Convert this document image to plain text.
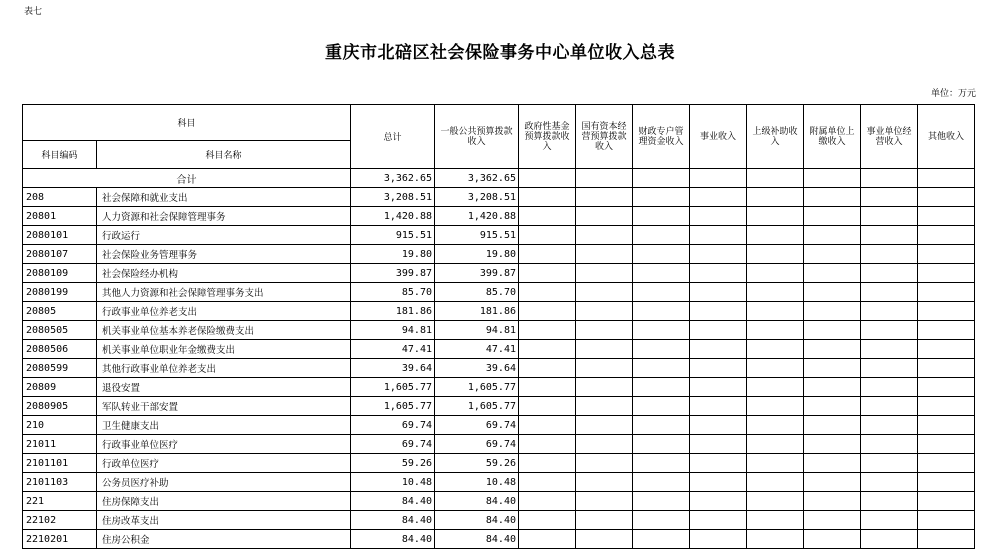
表七
重庆市北碚区社会保险事务中心单位收入总表
单位：万元
科目		总计	一般公共预算拨款收入	政府性基金预算拨款收入	国有资本经营预算拨款收入	财政专户管理资金收入	事业收入	上级补助收入	附属单位上缴收入	事业单位经营收入	其他收入
科目编码	科目名称										
合计		3,362.65	3,362.65								
208	社会保障和就业支出	3,208.51	3,208.51								
20801	人力资源和社会保障管理事务	1,420.88	1,420.88								
2080101	行政运行	915.51	915.51								
2080107	社会保险业务管理事务	19.80	19.80								
2080109	社会保险经办机构	399.87	399.87								
2080199	其他人力资源和社会保障管理事务支出	85.70	85.70								
20805	行政事业单位养老支出	181.86	181.86								
2080505	机关事业单位基本养老保险缴费支出	94.81	94.81								
2080506	机关事业单位职业年金缴费支出	47.41	47.41								
2080599	其他行政事业单位养老支出	39.64	39.64								
20809	退役安置	1,605.77	1,605.77								
2080905	军队转业干部安置	1,605.77	1,605.77								
210	卫生健康支出	69.74	69.74								
21011	行政事业单位医疗	69.74	69.74								
2101101	行政单位医疗	59.26	59.26								
2101103	公务员医疗补助	10.48	10.48								
221	住房保障支出	84.40	84.40								
22102	住房改革支出	84.40	84.40								
2210201	住房公积金	84.40	84.40								
